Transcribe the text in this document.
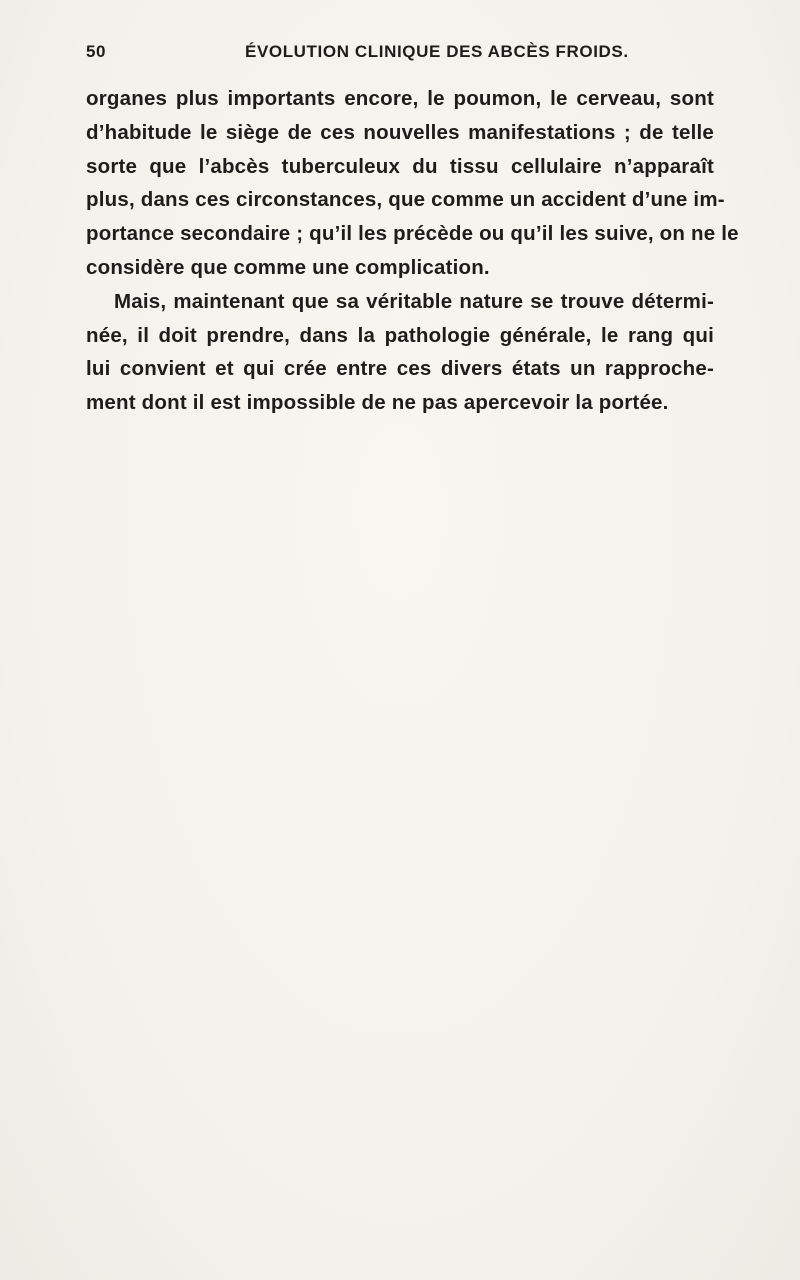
50	ÉVOLUTION CLINIQUE DES ABCÈS FROIDS.
organes plus importants encore, le poumon, le cerveau, sont
d’habitude le siège de ces nouvelles manifestations ; de telle
sorte que l’abcès tuberculeux du tissu cellulaire n’apparaît
plus, dans ces circonstances, que comme un accident d’une im-
portance secondaire ; qu’il les précède ou qu’il les suive, on ne le
considère que comme une complication.
Mais, maintenant que sa véritable nature se trouve détermi-
née, il doit prendre, dans la pathologie générale, le rang qui
lui convient et qui crée entre ces divers états un rapproche-
ment dont il est impossible de ne pas apercevoir la portée.
